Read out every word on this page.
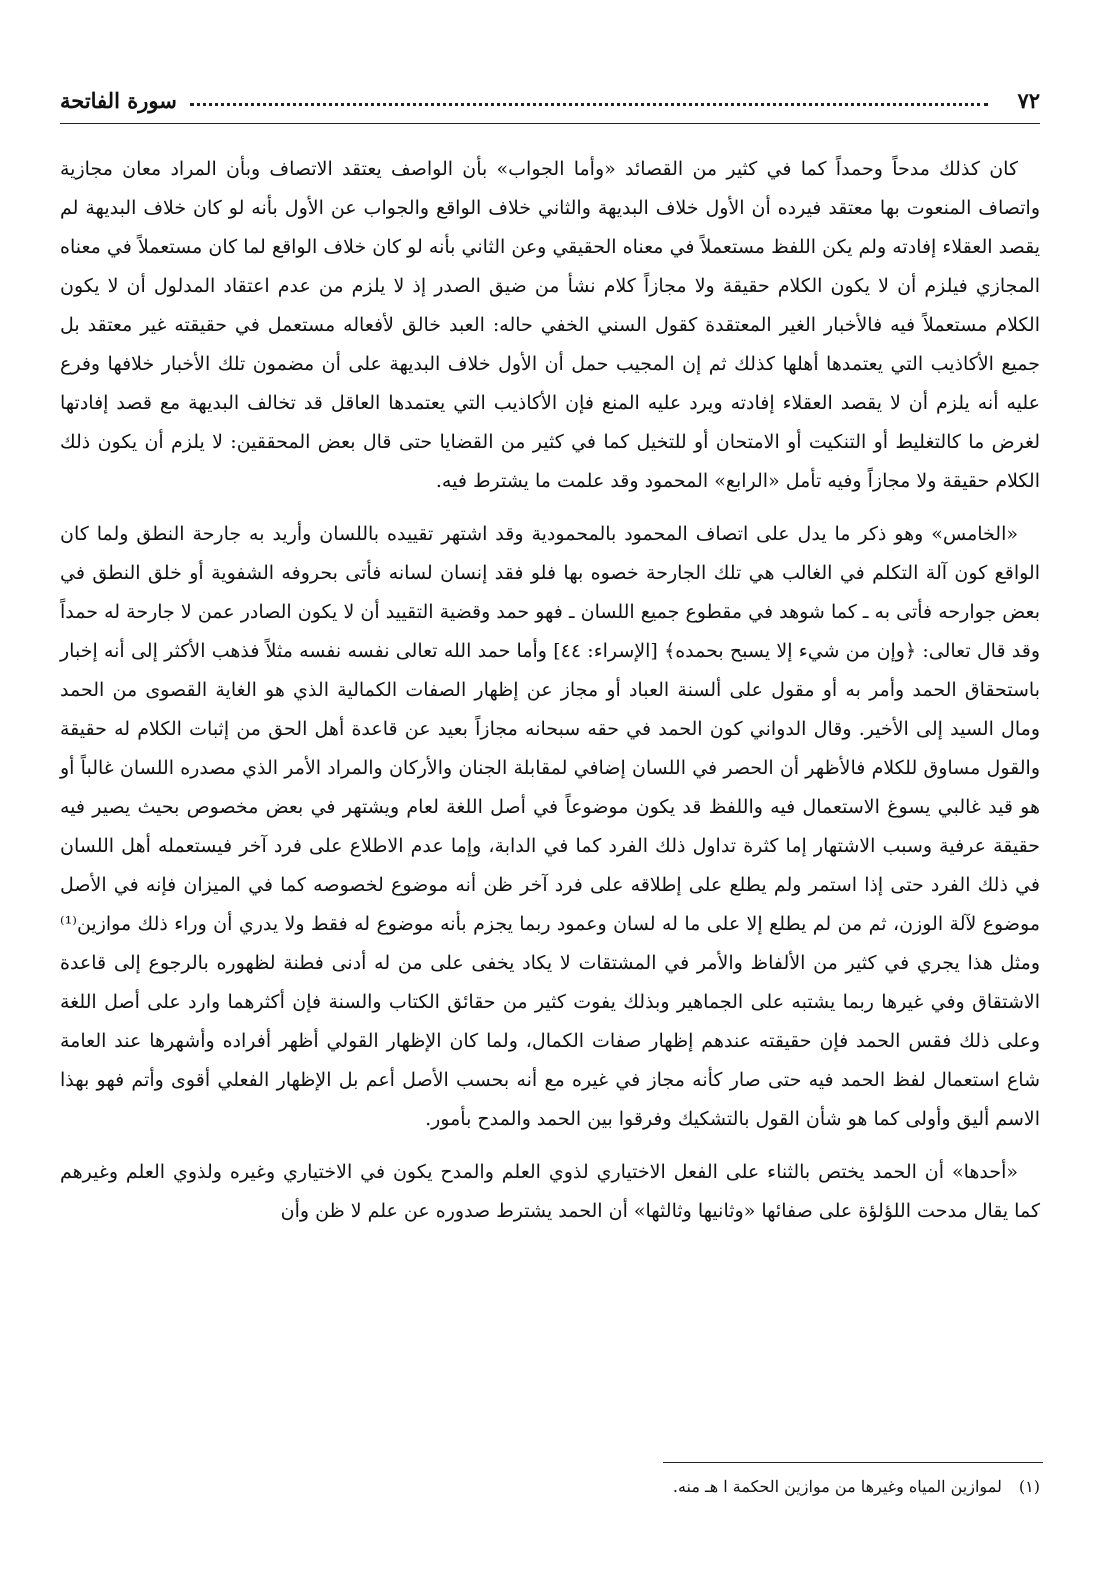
٧٢
سورة الفاتحة

كان كذلك مدحاً وحمداً كما في كثير من القصائد «وأما الجواب» بأن الواصف يعتقد الاتصاف وبأن المراد معان مجازية واتصاف المنعوت بها معتقد فيرده أن الأول خلاف البديهة والثاني خلاف الواقع والجواب عن الأول بأنه لو كان خلاف البديهة لم يقصد العقلاء إفادته ولم يكن اللفظ مستعملاً في معناه الحقيقي وعن الثاني بأنه لو كان خلاف الواقع لما كان مستعملاً في معناه المجازي فيلزم أن لا يكون الكلام حقيقة ولا مجازاً كلام نشأ من ضيق الصدر إذ لا يلزم من عدم اعتقاد المدلول أن لا يكون الكلام مستعملاً فيه فالأخبار الغير المعتقدة كقول السني الخفي حاله: العبد خالق لأفعاله مستعمل في حقيقته غير معتقد بل جميع الأكاذيب التي يعتمدها أهلها كذلك ثم إن المجيب حمل أن الأول خلاف البديهة على أن مضمون تلك الأخبار خلافها وفرع عليه أنه يلزم أن لا يقصد العقلاء إفادته ويرد عليه المنع فإن الأكاذيب التي يعتمدها العاقل قد تخالف البديهة مع قصد إفادتها لغرض ما كالتغليط أو التنكيت أو الامتحان أو للتخيل كما في كثير من القضايا حتى قال بعض المحققين: لا يلزم أن يكون ذلك الكلام حقيقة ولا مجازاً وفيه تأمل «الرابع» المحمود وقد علمت ما يشترط فيه.

«الخامس» وهو ذكر ما يدل على اتصاف المحمود بالمحمودية وقد اشتهر تقييده باللسان وأريد به جارحة النطق ولما كان الواقع كون آلة التكلم في الغالب هي تلك الجارحة خصوه بها فلو فقد إنسان لسانه فأتى بحروفه الشفوية أو خلق النطق في بعض جوارحه فأتى به ـ كما شوهد في مقطوع جميع اللسان ـ فهو حمد وقضية التقييد أن لا يكون الصادر عمن لا جارحة له حمداً وقد قال تعالى: ﴿وإن من شيء إلا يسبح بحمده﴾ [الإسراء: ٤٤] وأما حمد الله تعالى نفسه نفسه مثلاً فذهب الأكثر إلى أنه إخبار باستحقاق الحمد وأمر به أو مقول على ألسنة العباد أو مجاز عن إظهار الصفات الكمالية الذي هو الغاية القصوى من الحمد ومال السيد إلى الأخير. وقال الدواني كون الحمد في حقه سبحانه مجازاً بعيد عن قاعدة أهل الحق من إثبات الكلام له حقيقة والقول مساوق للكلام فالأظهر أن الحصر في اللسان إضافي لمقابلة الجنان والأركان والمراد الأمر الذي مصدره اللسان غالباً أو هو قيد غالبي يسوغ الاستعمال فيه واللفظ قد يكون موضوعاً في أصل اللغة لعام ويشتهر في بعض مخصوص بحيث يصير فيه حقيقة عرفية وسبب الاشتهار إما كثرة تداول ذلك الفرد كما في الدابة، وإما عدم الاطلاع على فرد آخر فيستعمله أهل اللسان في ذلك الفرد حتى إذا استمر ولم يطلع على إطلاقه على فرد آخر ظن أنه موضوع لخصوصه كما في الميزان فإنه في الأصل موضوع لآلة الوزن، ثم من لم يطلع إلا على ما له لسان وعمود ربما يجزم بأنه موضوع له فقط ولا يدري أن وراء ذلك موازين⁽¹⁾ ومثل هذا يجري في كثير من الألفاظ والأمر في المشتقات لا يكاد يخفى على من له أدنى فطنة لظهوره بالرجوع إلى قاعدة الاشتقاق وفي غيرها ربما يشتبه على الجماهير وبذلك يفوت كثير من حقائق الكتاب والسنة فإن أكثرهما وارد على أصل اللغة وعلى ذلك فقس الحمد فإن حقيقته عندهم إظهار صفات الكمال، ولما كان الإظهار القولي أظهر أفراده وأشهرها عند العامة شاع استعمال لفظ الحمد فيه حتى صار كأنه مجاز في غيره مع أنه بحسب الأصل أعم بل الإظهار الفعلي أقوى وأتم فهو بهذا الاسم أليق وأولى كما هو شأن القول بالتشكيك وفرقوا بين الحمد والمدح بأمور.

«أحدها» أن الحمد يختص بالثناء على الفعل الاختياري لذوي العلم والمدح يكون في الاختياري وغيره ولذوي العلم وغيرهم كما يقال مدحت اللؤلؤة على صفائها «وثانيها وثالثها» أن الحمد يشترط صدوره عن علم لا ظن وأن

(١) لموازين المياه وغيرها من موازين الحكمة ا هـ منه.
